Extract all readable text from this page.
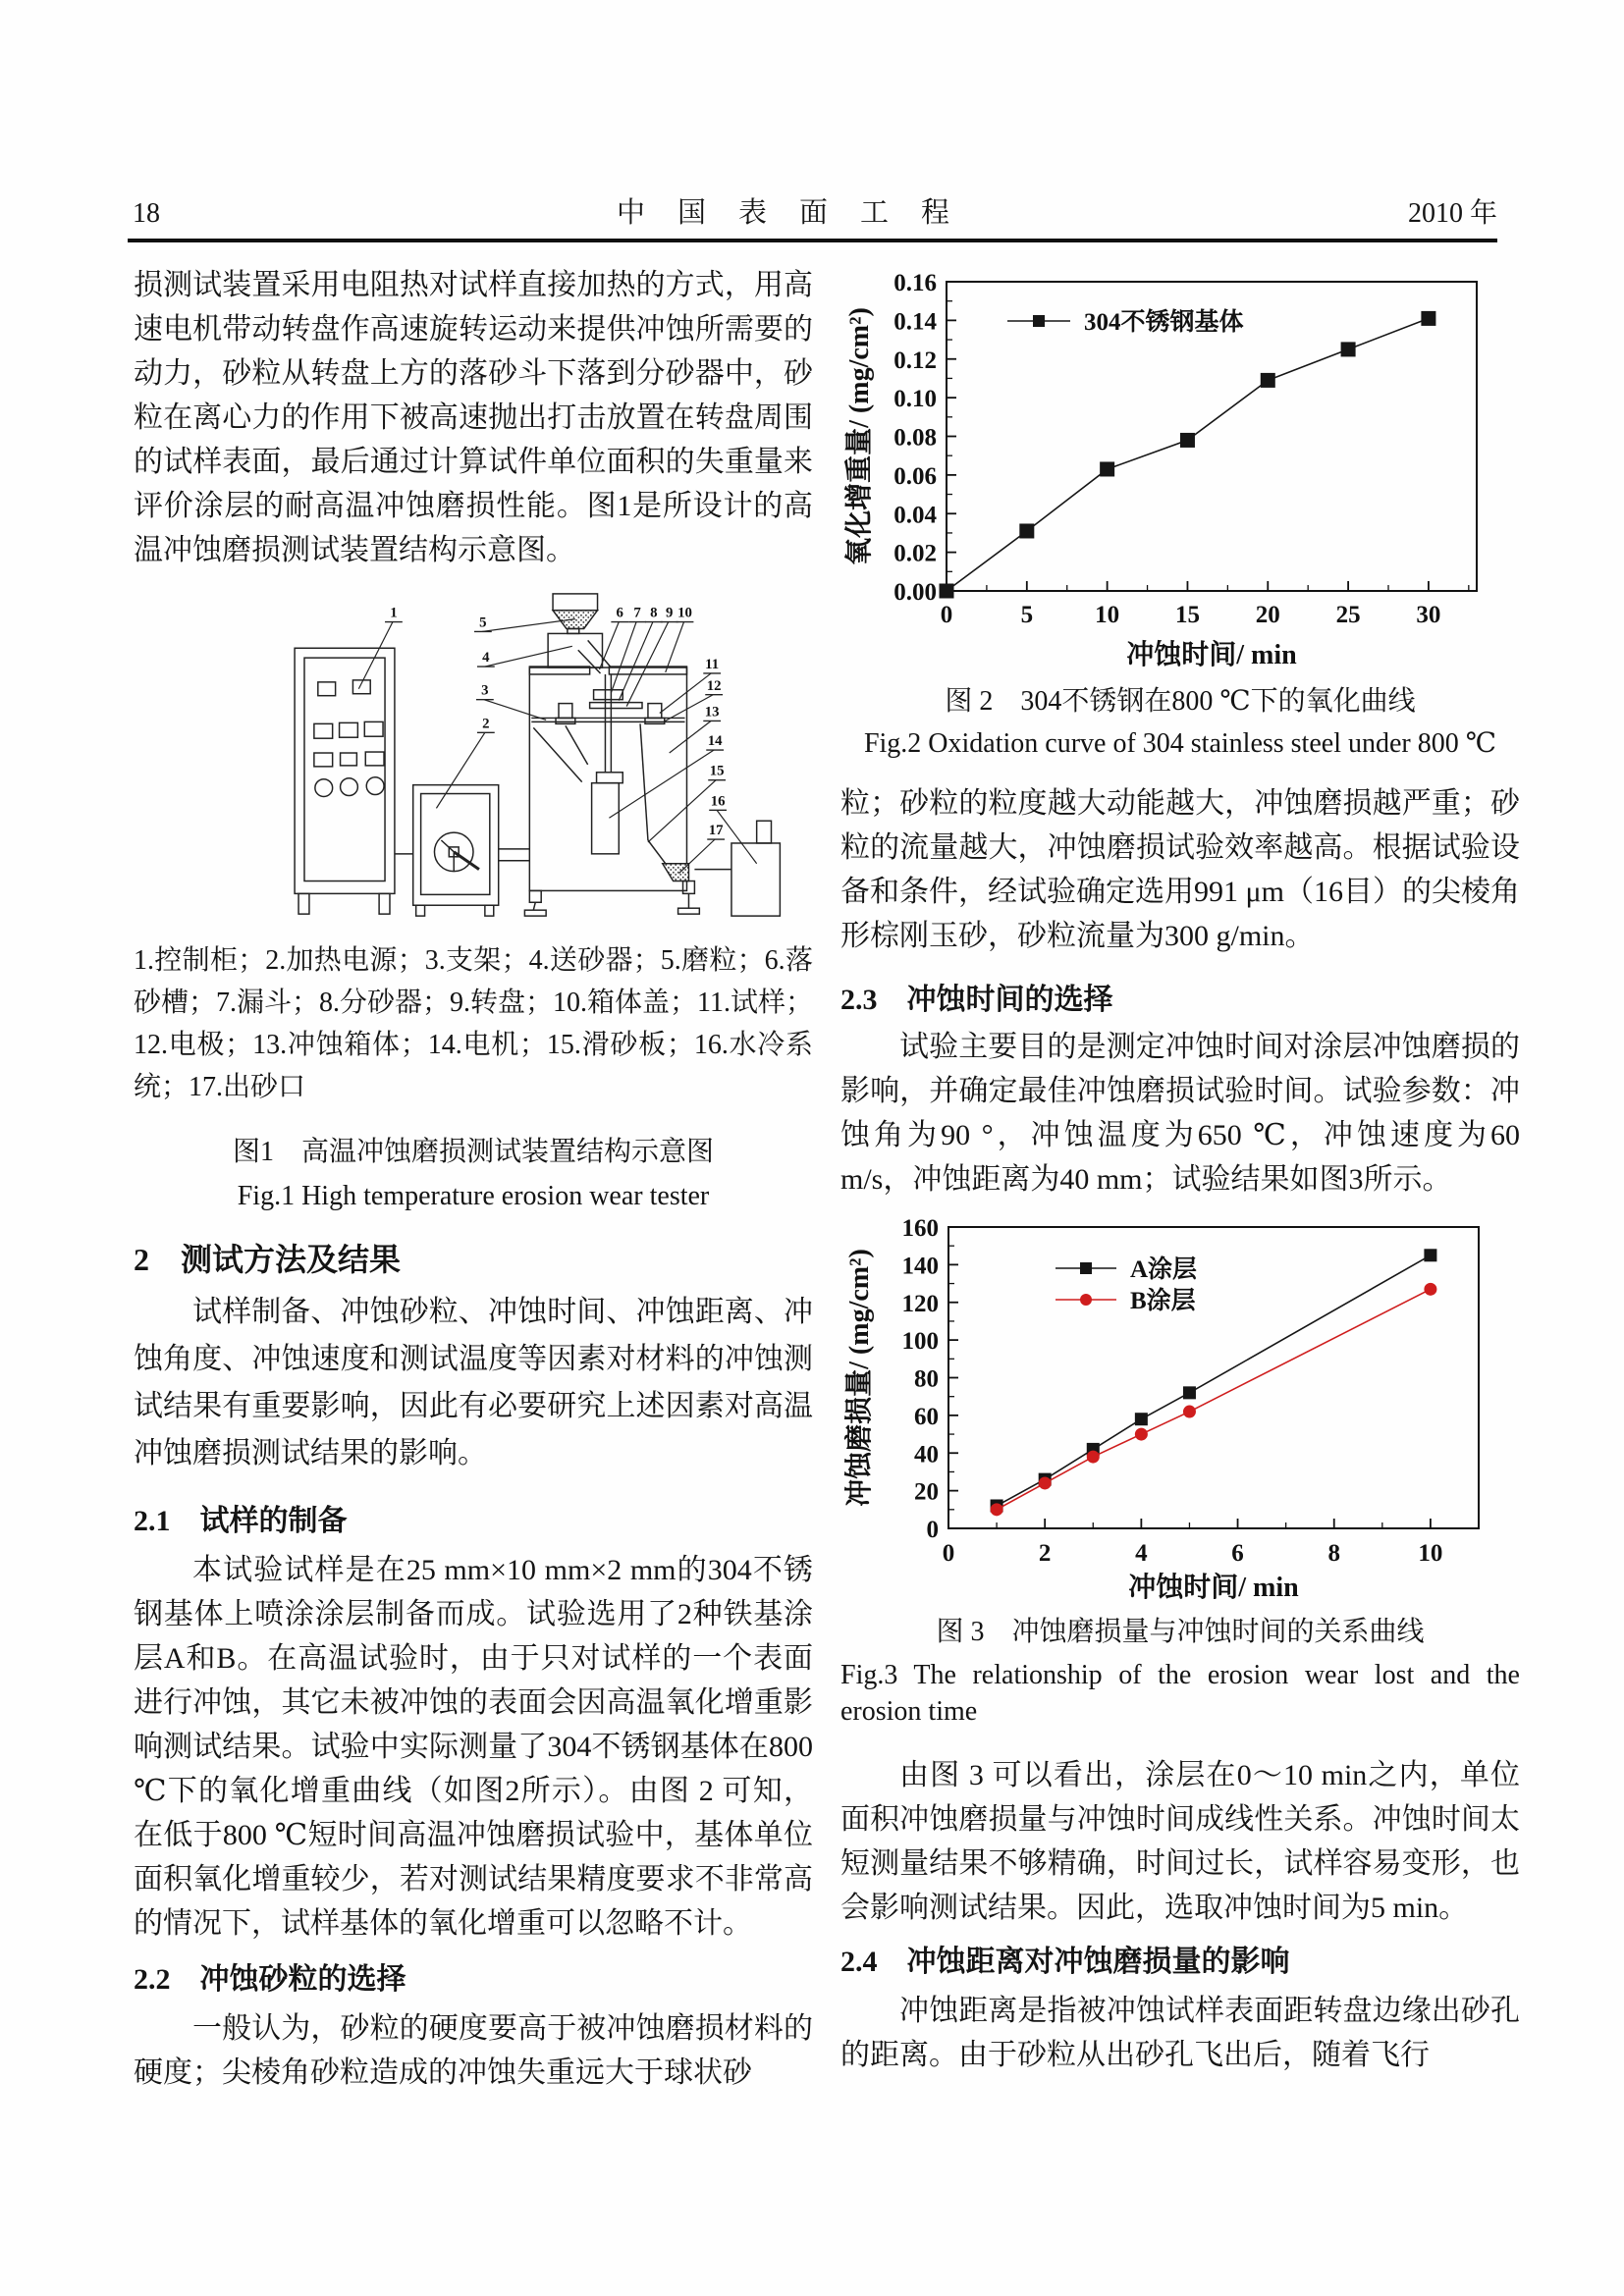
18	中　国　表　面　工　程	2010 年

损测试装置采用电阻热对试样直接加热的方式，用高速电机带动转盘作高速旋转运动来提供冲蚀所需要的动力，砂粒从转盘上方的落砂斗下落到分砂器中，砂粒在离心力的作用下被高速抛出打击放置在转盘周围的试样表面，最后通过计算试件单位面积的失重量来评价涂层的耐高温冲蚀磨损性能。图1是所设计的高温冲蚀磨损测试装置结构示意图。

1
2
3
4
5
6 7 8 9 10
11
12
13
14
15
16
17

1.控制柜；2.加热电源；3.支架；4.送砂器；5.磨粒；6.落砂槽；7.漏斗；8.分砂器；9.转盘；10.箱体盖；11.试样；12.电极；13.冲蚀箱体；14.电机；15.滑砂板；16.水冷系统；17.出砂口

图1　高温冲蚀磨损测试装置结构示意图
Fig.1 High temperature erosion wear tester
2　测试方法及结果

试样制备、冲蚀砂粒、冲蚀时间、冲蚀距离、冲蚀角度、冲蚀速度和测试温度等因素对材料的冲蚀测试结果有重要影响，因此有必要研究上述因素对高温冲蚀磨损测试结果的影响。

2.1　试样的制备

本试验试样是在25 mm×10 mm×2 mm的304不锈钢基体上喷涂涂层制备而成。试验选用了2种铁基涂层A和B。在高温试验时，由于只对试样的一个表面进行冲蚀，其它未被冲蚀的表面会因高温氧化增重影响测试结果。试验中实际测量了304不锈钢基体在800 ℃下的氧化增重曲线（如图2所示）。由图 2 可知，在低于800 ℃短时间高温冲蚀磨损试验中，基体单位面积氧化增重较少，若对测试结果精度要求不非常高的情况下，试样基体的氧化增重可以忽略不计。

2.2　冲蚀砂粒的选择

一般认为，砂粒的硬度要高于被冲蚀磨损材料的硬度；尖棱角砂粒造成的冲蚀失重远大于球状砂

0	5	10 15 20 25 30
0.00
0.02
0.04
0.06
0.08
0.10
0.12
0.14
0.16
冲蚀时间/ min
氧化增重量/ (mg/cm²)	304不锈钢基体
图 2　304不锈钢在800 ℃下的氧化曲线
Fig.2 Oxidation curve of 304 stainless steel under 800 ℃

粒；砂粒的粒度越大动能越大，冲蚀磨损越严重；砂粒的流量越大，冲蚀磨损试验效率越高。根据试验设备和条件，经试验确定选用991 μm（16目）的尖棱角形棕刚玉砂，砂粒流量为300 g/min。

2.3　冲蚀时间的选择

试验主要目的是测定冲蚀时间对涂层冲蚀磨损的影响，并确定最佳冲蚀磨损试验时间。试验参数：冲蚀角为90 °，冲蚀温度为650 ℃，冲蚀速度为60 m/s，冲蚀距离为40 mm；试验结果如图3所示。

0	2	4	6	8	10
0
20
40
60
80
100
120
140
160
冲蚀时间/ min
冲蚀磨损量/ (mg/cm²)	A涂层
B涂层
图 3　冲蚀磨损量与冲蚀时间的关系曲线
Fig.3 The relationship of the erosion wear lost and the erosion time

由图 3 可以看出，涂层在0～10 min之内，单位面积冲蚀磨损量与冲蚀时间成线性关系。冲蚀时间太短测量结果不够精确，时间过长，试样容易变形，也会影响测试结果。因此，选取冲蚀时间为5 min。

2.4　冲蚀距离对冲蚀磨损量的影响

冲蚀距离是指被冲蚀试样表面距转盘边缘出砂孔的距离。由于砂粒从出砂孔飞出后，随着飞行
